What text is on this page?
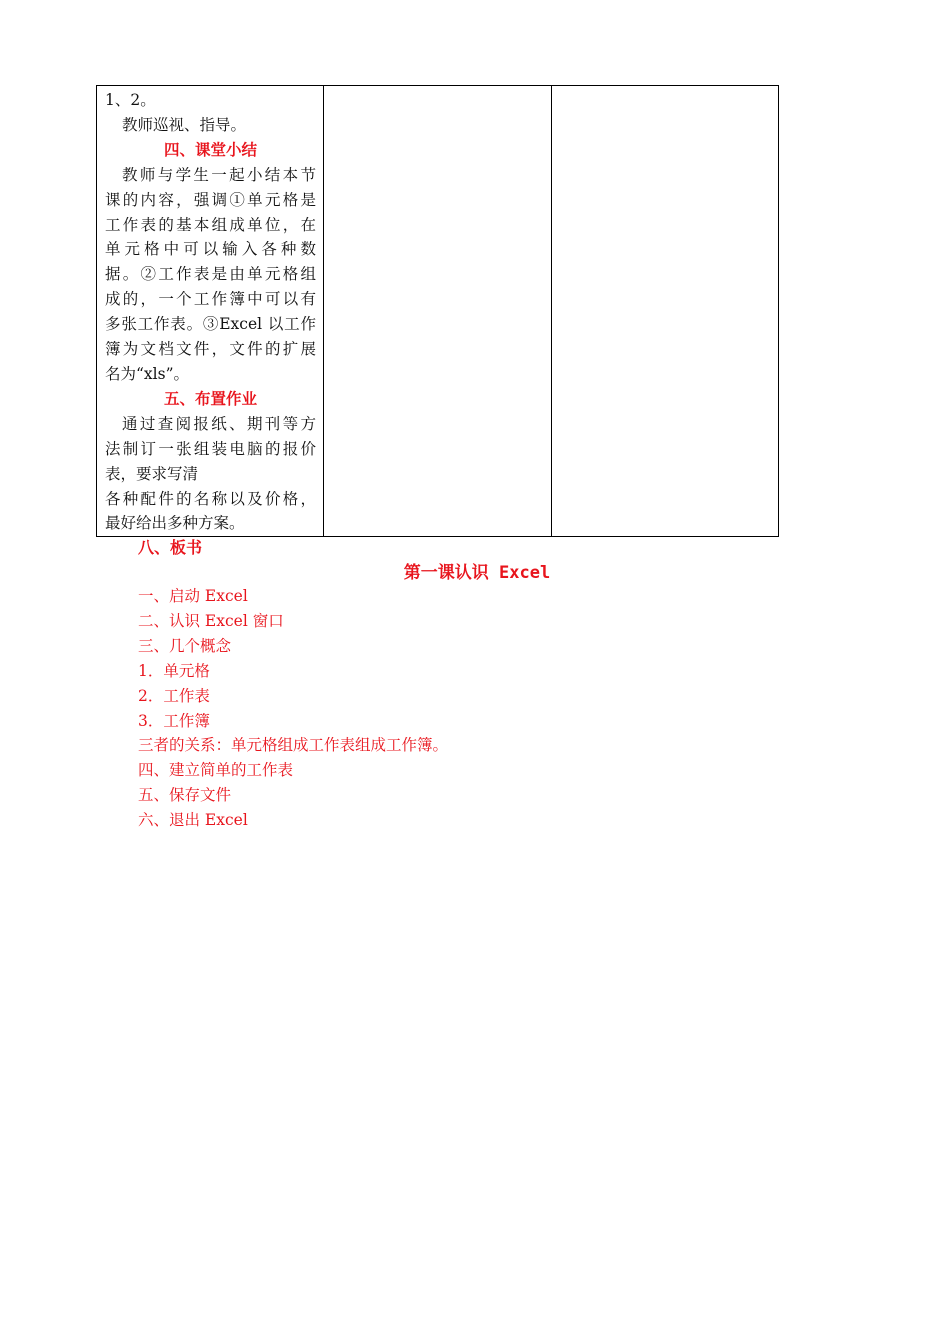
1、2。

教师巡视、指导。

四、课堂小结

教师与学生一起小结本节

课的内容，强调①单元格是

工作表的基本组成单位，在

单元格中可以输入各种数

据。②工作表是由单元格组

成的，一个工作簿中可以有

多张工作表。③Excel 以工作

簿为文档文件，文件的扩展

名为“xls”。

五、布置作业

通过查阅报纸、期刊等方

法制订一张组装电脑的报价

表，要求写清

各种配件的名称以及价格，

最好给出多种方案。

八、板书
第一课认识 Excel
一、启动 Excel
二、认识 Excel 窗口
三、几个概念
1．单元格
2．工作表
3．工作簿
三者的关系：单元格组成工作表组成工作簿。
四、建立简单的工作表
五、保存文件
六、退出 Excel
